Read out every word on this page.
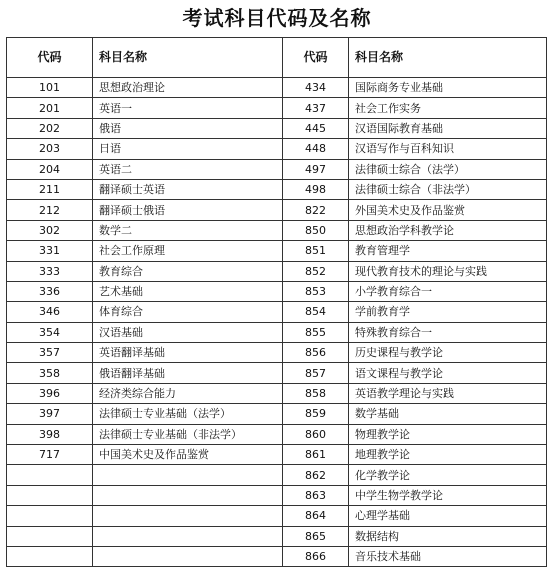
考试科目代码及名称
代码	科目名称	代码	科目名称
101	思想政治理论	434	国际商务专业基础
201	英语一	437	社会工作实务
202	俄语	445	汉语国际教育基础
203	日语	448	汉语写作与百科知识
204	英语二	497	法律硕士综合（法学）
211	翻译硕士英语	498	法律硕士综合（非法学）
212	翻译硕士俄语	822	外国美术史及作品鉴赏
302	数学二	850	思想政治学科教学论
331	社会工作原理	851	教育管理学
333	教育综合	852	现代教育技术的理论与实践
336	艺术基础	853	小学教育综合一
346	体育综合	854	学前教育学
354	汉语基础	855	特殊教育综合一
357	英语翻译基础	856	历史课程与教学论
358	俄语翻译基础	857	语文课程与教学论
396	经济类综合能力	858	英语教学理论与实践
397	法律硕士专业基础（法学）	859	数学基础
398	法律硕士专业基础（非法学）	860	物理教学论
717	中国美术史及作品鉴赏	861	地理教学论
		862	化学教学论
		863	中学生物学教学论
		864	心理学基础
		865	数据结构
		866	音乐技术基础
